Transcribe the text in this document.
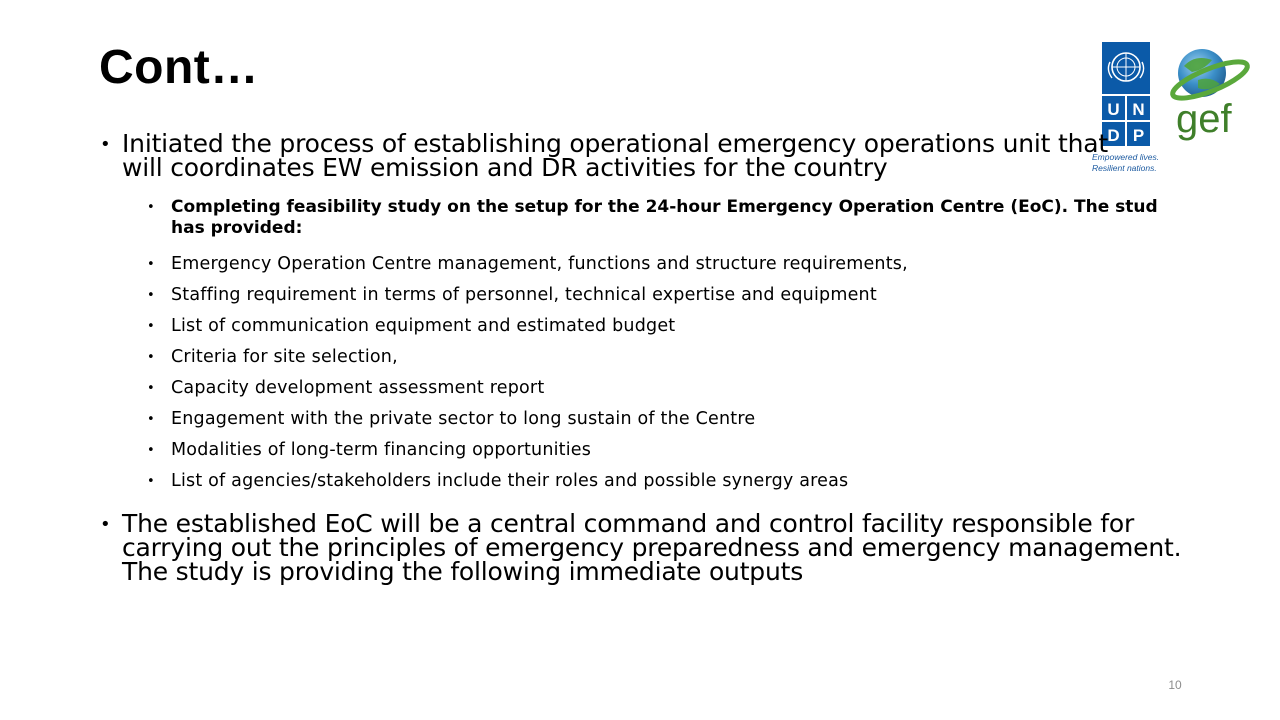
Cont…
U N
D P
Empowered lives.
Resilient nations.
gef
• Initiated the process of establishing operational emergency operations unit that will coordinates EW emission and DR activities for the country
• Completing feasibility study on the setup for the 24-hour Emergency Operation Centre (EoC). The stud has provided:
• Emergency Operation Centre management, functions and structure requirements,
• Staffing requirement in terms of personnel, technical expertise and equipment
• List of communication equipment and estimated budget
• Criteria for site selection,
• Capacity development assessment report
• Engagement with the private sector to long sustain of the Centre
• Modalities of long-term financing opportunities
• List of agencies/stakeholders include their roles and possible synergy areas
• The established EoC will be a central command and control facility responsible for carrying out the principles of emergency preparedness and emergency management. The study is providing the following immediate outputs
10
